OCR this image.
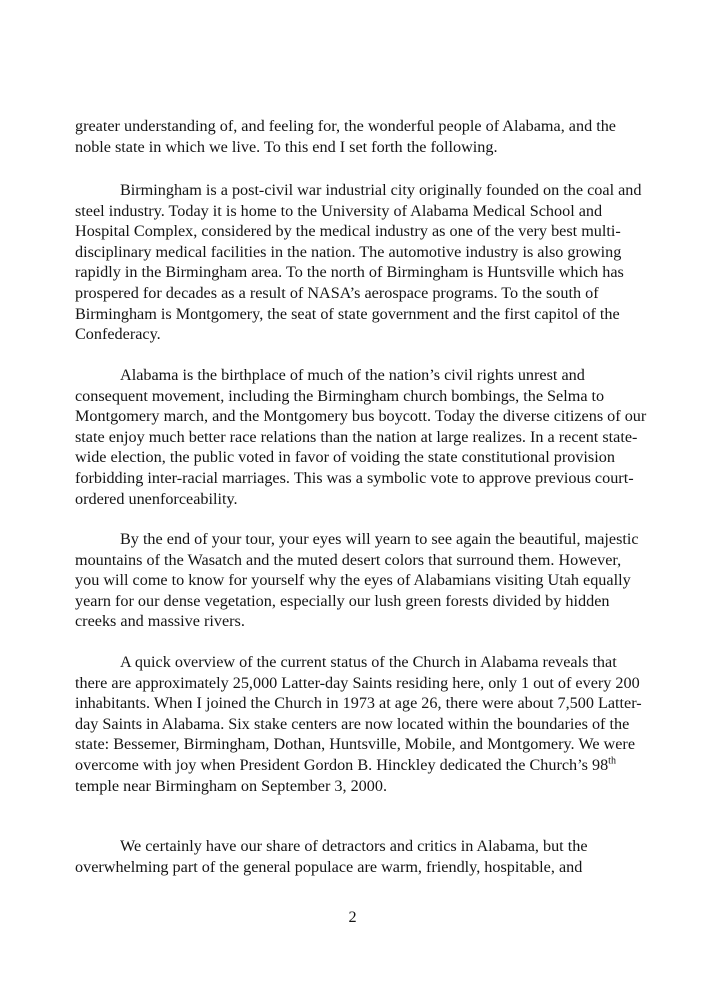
greater understanding of, and feeling for, the wonderful people of Alabama, and the noble state in which we live. To this end I set forth the following.

Birmingham is a post-civil war industrial city originally founded on the coal and steel industry. Today it is home to the University of Alabama Medical School and Hospital Complex, considered by the medical industry as one of the very best multi-disciplinary medical facilities in the nation. The automotive industry is also growing rapidly in the Birmingham area. To the north of Birmingham is Huntsville which has prospered for decades as a result of NASA’s aerospace programs. To the south of Birmingham is Montgomery, the seat of state government and the first capitol of the Confederacy.

Alabama is the birthplace of much of the nation’s civil rights unrest and consequent movement, including the Birmingham church bombings, the Selma to Montgomery march, and the Montgomery bus boycott. Today the diverse citizens of our state enjoy much better race relations than the nation at large realizes. In a recent state-wide election, the public voted in favor of voiding the state constitutional provision forbidding inter-racial marriages. This was a symbolic vote to approve previous court-ordered unenforceability.

By the end of your tour, your eyes will yearn to see again the beautiful, majestic mountains of the Wasatch and the muted desert colors that surround them. However, you will come to know for yourself why the eyes of Alabamians visiting Utah equally yearn for our dense vegetation, especially our lush green forests divided by hidden creeks and massive rivers.

A quick overview of the current status of the Church in Alabama reveals that there are approximately 25,000 Latter-day Saints residing here, only 1 out of every 200 inhabitants. When I joined the Church in 1973 at age 26, there were about 7,500 Latter-day Saints in Alabama. Six stake centers are now located within the boundaries of the state: Bessemer, Birmingham, Dothan, Huntsville, Mobile, and Montgomery. We were overcome with joy when President Gordon B. Hinckley dedicated the Church’s 98th temple near Birmingham on September 3, 2000.

We certainly have our share of detractors and critics in Alabama, but the overwhelming part of the general populace are warm, friendly, hospitable, and

2
